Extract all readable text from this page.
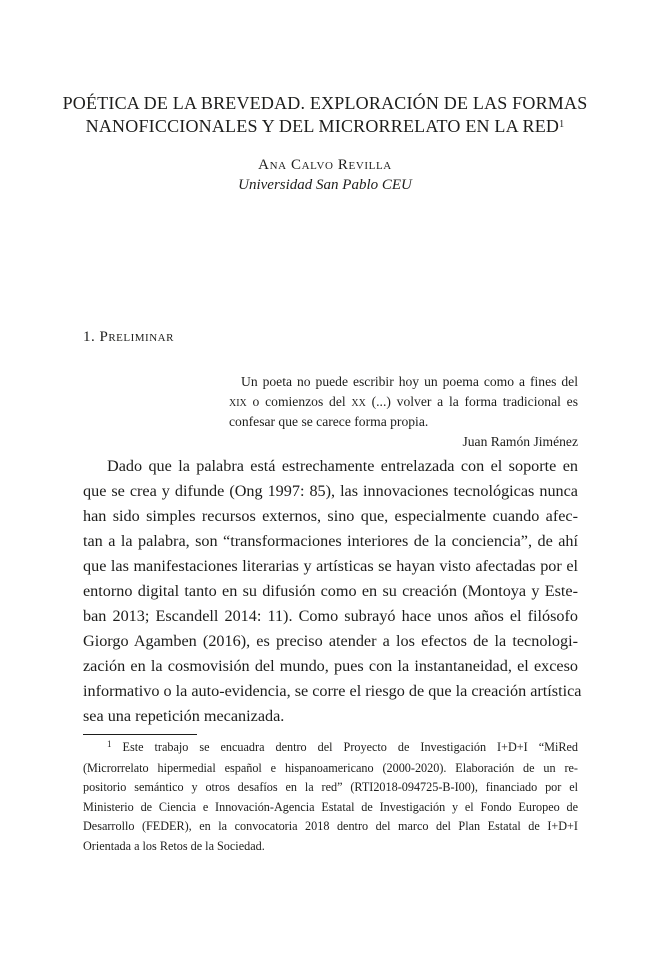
POÉTICA DE LA BREVEDAD. EXPLORACIÓN DE LAS FORMAS
NANOFICCIONALES Y DEL MICRORRELATO EN LA RED$^1$
Ana Calvo Revilla
Universidad San Pablo CEU
1. Preliminar
Un poeta no puede escribir hoy un poema como a fines del xix o comienzos del xx (...) volver a la forma tradicional es confesar que se carece forma propia.
Juan Ramón Jiménez
Dado que la palabra está estrechamente entrelazada con el soporte en
que se crea y difunde (Ong 1997: 85), las innovaciones tecnológicas nunca
han sido simples recursos externos, sino que, especialmente cuando afec-
tan a la palabra, son “transformaciones interiores de la conciencia”, de ahí
que las manifestaciones literarias y artísticas se hayan visto afectadas por el
entorno digital tanto en su difusión como en su creación (Montoya y Este-
ban 2013; Escandell 2014: 11). Como subrayó hace unos años el filósofo
Giorgo Agamben (2016), es preciso atender a los efectos de la tecnologi-
zación en la cosmovisión del mundo, pues con la instantaneidad, el exceso
informativo o la auto-evidencia, se corre el riesgo de que la creación artística
sea una repetición mecanizada.
$^1$ Este trabajo se encuadra dentro del Proyecto de Investigación I+D+I “MiRed
(Microrrelato hipermedial español e hispanoamericano (2000-2020). Elaboración de un re-
positorio semántico y otros desafíos en la red” (RTI2018-094725-B-I00), financiado por el
Ministerio de Ciencia e Innovación-Agencia Estatal de Investigación y el Fondo Europeo de
Desarrollo (FEDER), en la convocatoria 2018 dentro del marco del Plan Estatal de I+D+I
Orientada a los Retos de la Sociedad.
